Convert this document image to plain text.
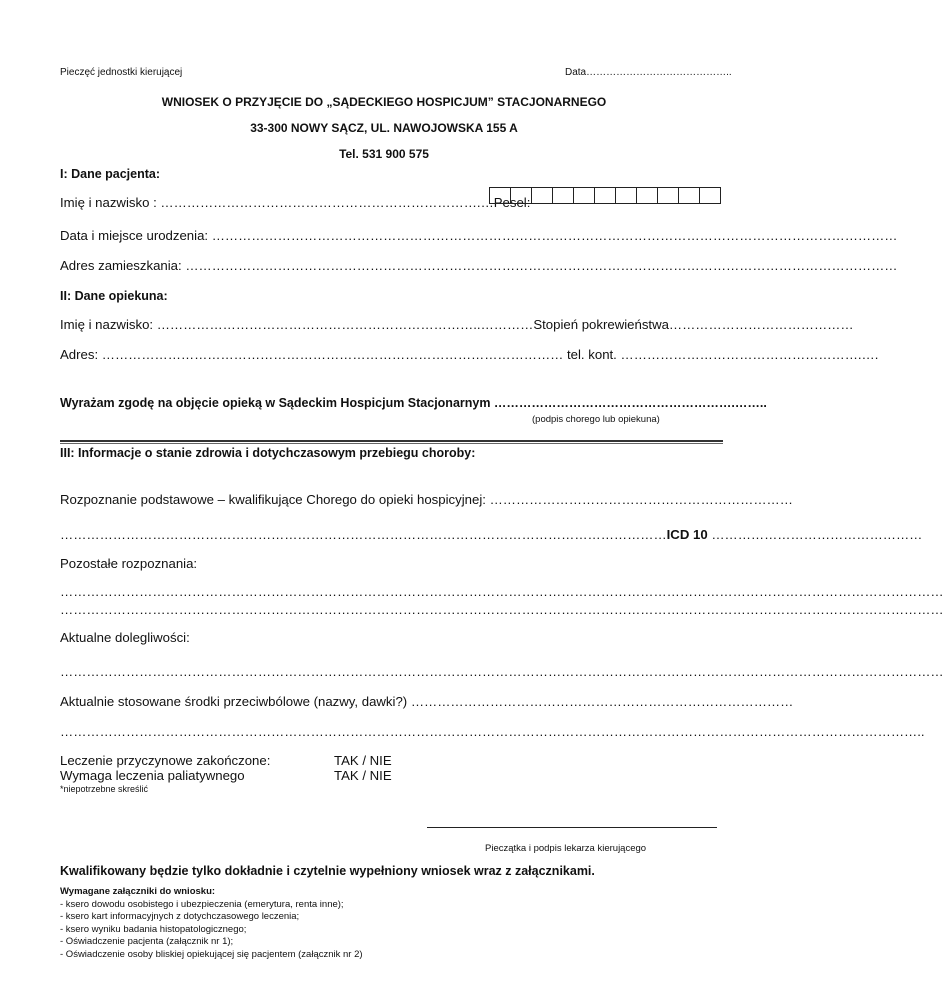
Pieczęć jednostki kierującej	Data……………………………………..
WNIOSEK O PRZYJĘCIE DO „SĄDECKIEGO HOSPICJUM” STACJONARNEGO
33-300 NOWY SĄCZ, UL. NAWOJOWSKA 155 A
Tel. 531 900 575
I: Dane pacjenta:
Imię i nazwisko : ……………………………………………………………….…Pesel:
Data i miejsce urodzenia: …………………………………………………………………………………………………………………………………………
Adres zamieszkania: ………………………………………………………………………………………………………………………………………………
II: Dane opiekuna:
Imię i nazwisko: ………………………………………………………………..…………Stopień pokrewieństwa……………………………………
Adres: …………………………………………………………………………………………… tel. kont. ……………………………………………….….
Wyrażam zgodę na objęcie opieką w Sądeckim Hospicjum Stacjonarnym ………………………………………………….……..
(podpis chorego lub opiekuna)
III: Informacje o stanie zdrowia i dotychczasowym przebiegu choroby:
Rozpoznanie podstawowe – kwalifikujące Chorego do opieki hospicyjnej: ……………………………………………………………
…………………………………………………………………………………………………………………………ICD 10 …………………………………………
Pozostałe rozpoznania:
…………………………………………………………………………………………………………………………………………………………………………………
…………………………………………………………………………………………………………………………………………………………………………………
Aktualne dolegliwości:
…………………………………………………………………………………………………………………………………………………………………………………
Aktualnie stosowane środki przeciwbólowe (nazwy, dawki?) ……………………………………………………………………………
……………………………………………………………………………………………………………………………………………………………………………..
Leczenie przyczynowe zakończone:	TAK / NIE
Wymaga leczenia paliatywnego	TAK / NIE
*niepotrzebne skreślić
Pieczątka i podpis lekarza kierującego
Kwalifikowany będzie tylko dokładnie i czytelnie wypełniony wniosek wraz z załącznikami.
Wymagane załączniki do wniosku:
- ksero dowodu osobistego i ubezpieczenia (emerytura, renta inne);
- ksero kart informacyjnych z dotychczasowego leczenia;
- ksero wyniku badania histopatologicznego;
- Oświadczenie pacjenta (załącznik nr 1);
- Oświadczenie osoby bliskiej opiekującej się pacjentem (załącznik nr 2)
